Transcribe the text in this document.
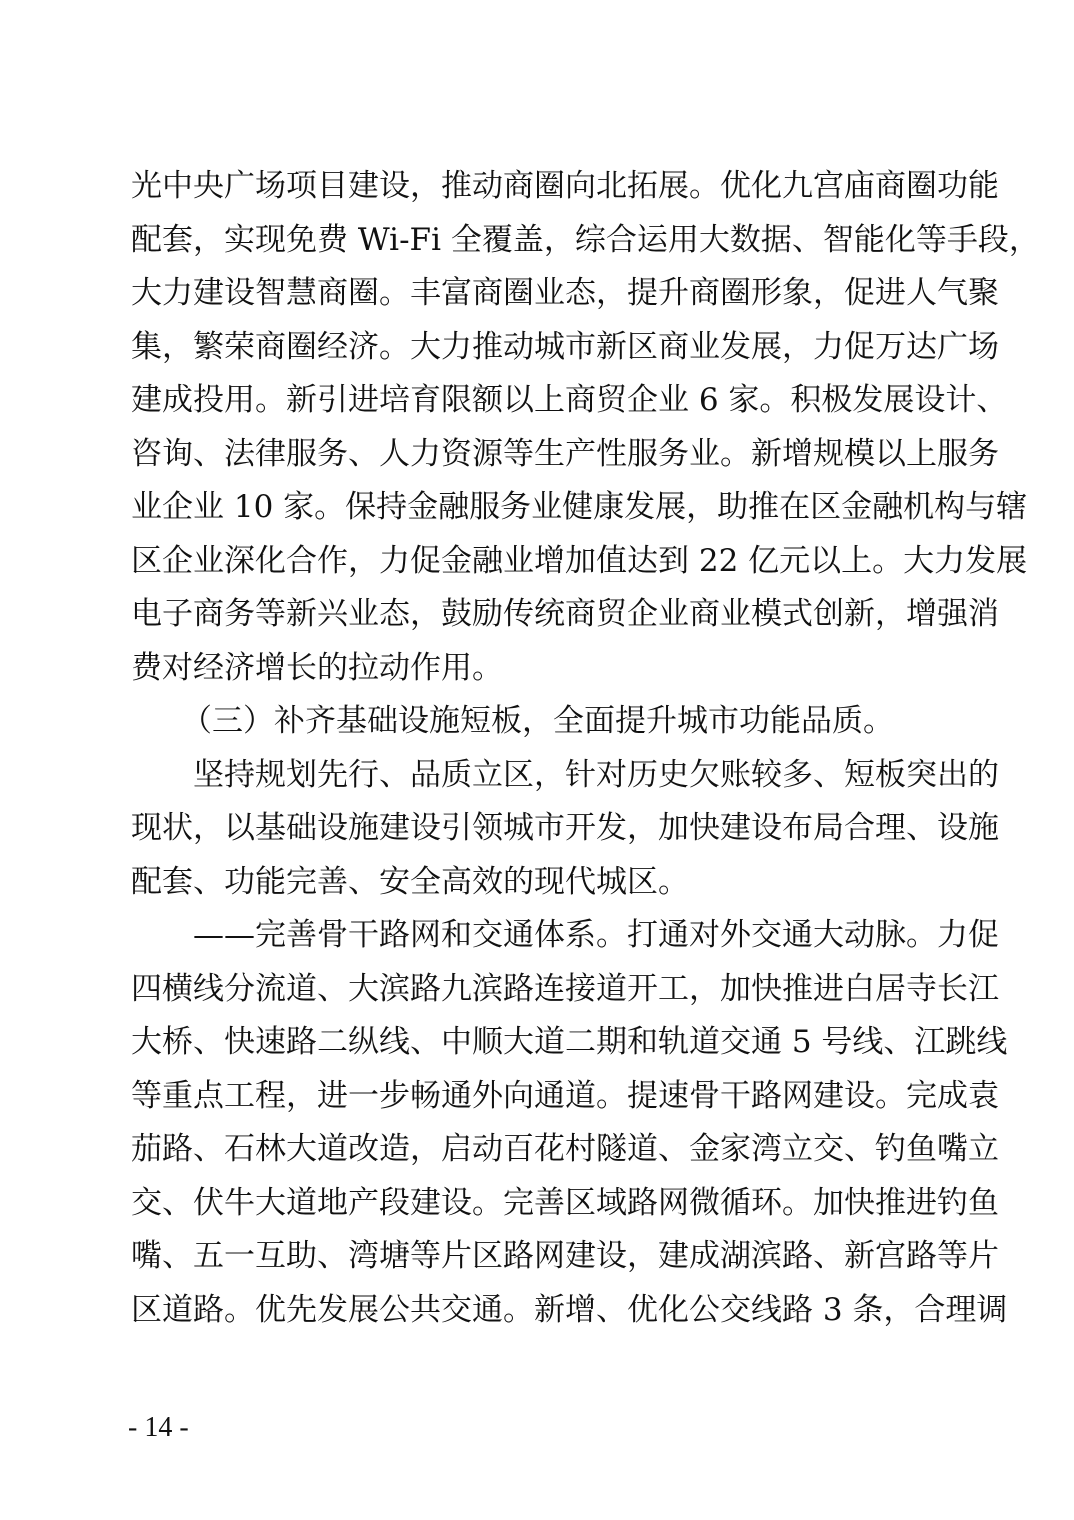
光中央广场项目建设，推动商圈向北拓展。优化九宫庙商圈功能
配套，实现免费 Wi-Fi 全覆盖，综合运用大数据、智能化等手段，
大力建设智慧商圈。丰富商圈业态，提升商圈形象，促进人气聚
集，繁荣商圈经济。大力推动城市新区商业发展，力促万达广场
建成投用。新引进培育限额以上商贸企业 6 家。积极发展设计、
咨询、法律服务、人力资源等生产性服务业。新增规模以上服务
业企业 10 家。保持金融服务业健康发展，助推在区金融机构与辖
区企业深化合作，力促金融业增加值达到 22 亿元以上。大力发展
电子商务等新兴业态，鼓励传统商贸企业商业模式创新，增强消
费对经济增长的拉动作用。
（三）补齐基础设施短板，全面提升城市功能品质。
坚持规划先行、品质立区，针对历史欠账较多、短板突出的
现状，以基础设施建设引领城市开发，加快建设布局合理、设施
配套、功能完善、安全高效的现代城区。
——完善骨干路网和交通体系。打通对外交通大动脉。力促
四横线分流道、大滨路九滨路连接道开工，加快推进白居寺长江
大桥、快速路二纵线、中顺大道二期和轨道交通 5 号线、江跳线
等重点工程，进一步畅通外向通道。提速骨干路网建设。完成袁
茄路、石林大道改造，启动百花村隧道、金家湾立交、钓鱼嘴立
交、伏牛大道地产段建设。完善区域路网微循环。加快推进钓鱼
嘴、五一互助、湾塘等片区路网建设，建成湖滨路、新宫路等片
区道路。优先发展公共交通。新增、优化公交线路 3 条，合理调
- 14 -
